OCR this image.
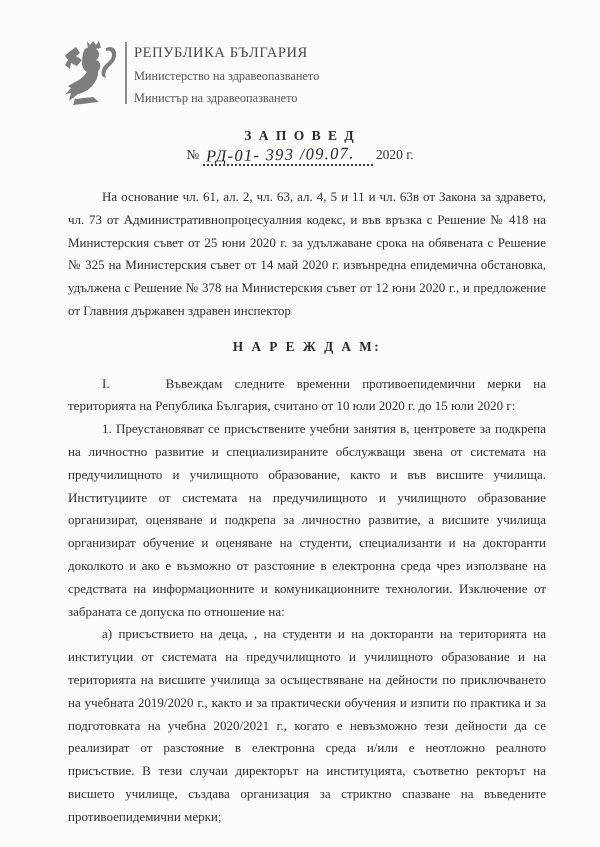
РЕПУБЛИКА БЪЛГАРИЯ
Министерство на здравеопазването
Министър на здравеопазването
З А П О В Е Д
№ РД-01- 393 /09.07. 2020 г.

На основание чл. 61, ал. 2, чл. 63, ал. 4, 5 и 11 и чл. 63в от Закона за здравето, чл. 73 от Административнопроцесуалния кодекс, и във връзка с Решение № 418 на Министерския съвет от 25 юни 2020 г. за удължаване срока на обявената с Решение № 325 на Министерския съвет от 14 май 2020 г. извънредна епидемична обстановка, удължена с Решение № 378 на Министерския съвет от 12 юни 2020 г., и предложение от Главния държавен здравен инспектор

Н А Р Е Ж Д А М:

I.	Въвеждам следните временни противоепидемични мерки на територията на Република България, считано от 10 юли 2020 г. до 15 юли 2020 г:

1. Преустановяват се присъствените учебни занятия в, центровете за подкрепа на личностно развитие и специализираните обслужващи звена от системата на предучилищното и училищното образование, както и във висшите училища. Институциите от системата на предучилищното и училищното образование организират, оценяване и подкрепа за личностно развитие, а висшите училища организират обучение и оценяване на студенти, специализанти и на докторанти доколкото и ако е възможно от разстояние в електронна среда чрез използване на средствата на информационните и комуникационните технологии. Изключение от забраната се допуска по отношение на:

а) присъствието на деца, , на студенти и на докторанти на територията на институции от системата на предучилищното и училищното образование и на територията на висшите училища за осъществяване на дейности по приключването на учебната 2019/2020 г., както и за практически обучения и изпити по практика и за подготовката на учебна 2020/2021 г., когато е невъзможно тези дейности да се реализират от разстояние в електронна среда и/или е неотложно реалното присъствие. В тези случаи директорът на институцията, съответно ректорът на висшето училище, създава организация за стриктно спазване на въведените противоепидемични мерки;
